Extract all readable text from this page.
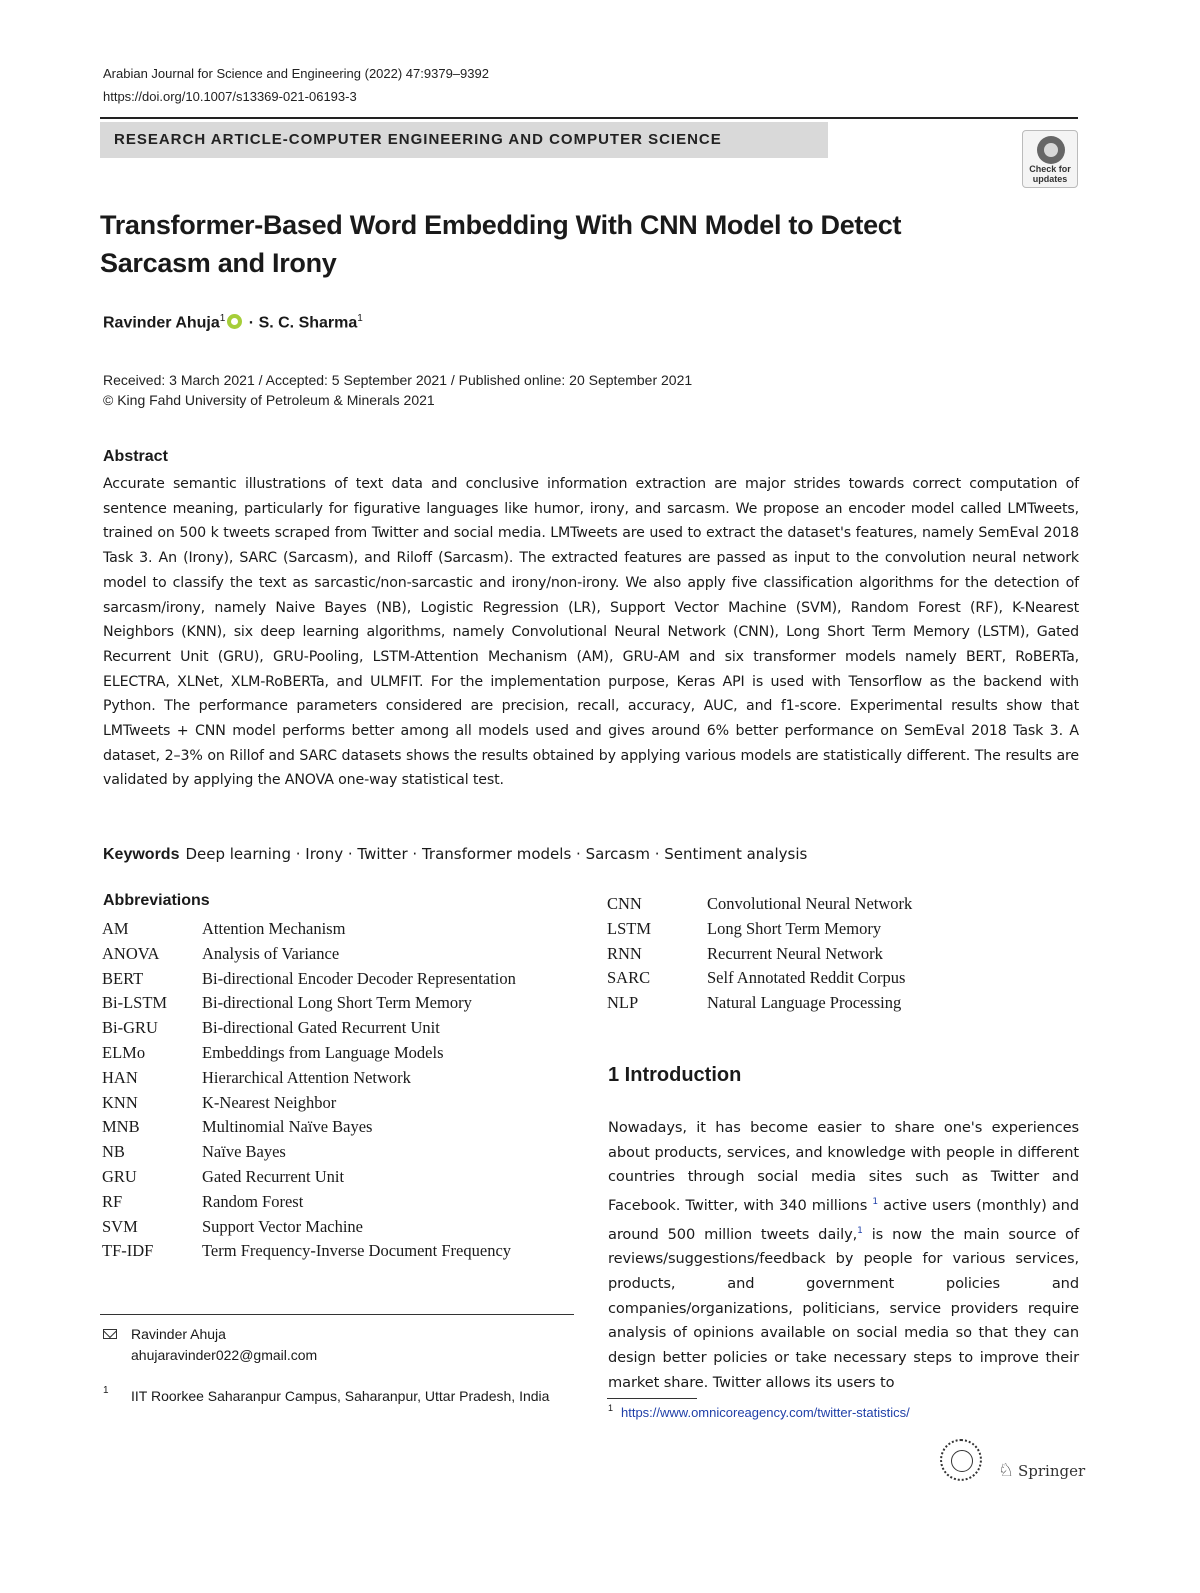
Arabian Journal for Science and Engineering (2022) 47:9379–9392
https://doi.org/10.1007/s13369-021-06193-3
RESEARCH ARTICLE-COMPUTER ENGINEERING AND COMPUTER SCIENCE
Check for updates
Transformer-Based Word Embedding With CNN Model to Detect Sarcasm and Irony
Ravinder Ahuja$^1$ · S. C. Sharma$^1$
Received: 3 March 2021 / Accepted: 5 September 2021 / Published online: 20 September 2021
© King Fahd University of Petroleum & Minerals 2021
Abstract

Accurate semantic illustrations of text data and conclusive information extraction are major strides towards correct computation of sentence meaning, particularly for figurative languages like humor, irony, and sarcasm. We propose an encoder model called LMTweets, trained on 500 k tweets scraped from Twitter and social media. LMTweets are used to extract the dataset's features, namely SemEval 2018 Task 3. An (Irony), SARC (Sarcasm), and Riloff (Sarcasm). The extracted features are passed as input to the convolution neural network model to classify the text as sarcastic/non-sarcastic and irony/non-irony. We also apply five classification algorithms for the detection of sarcasm/irony, namely Naive Bayes (NB), Logistic Regression (LR), Support Vector Machine (SVM), Random Forest (RF), K-Nearest Neighbors (KNN), six deep learning algorithms, namely Convolutional Neural Network (CNN), Long Short Term Memory (LSTM), Gated Recurrent Unit (GRU), GRU-Pooling, LSTM-Attention Mechanism (AM), GRU-AM and six transformer models namely BERT, RoBERTa, ELECTRA, XLNet, XLM-RoBERTa, and ULMFIT. For the implementation purpose, Keras API is used with Tensorflow as the backend with Python. The performance parameters considered are precision, recall, accuracy, AUC, and f1-score. Experimental results show that LMTweets + CNN model performs better among all models used and gives around 6% better performance on SemEval 2018 Task 3. A dataset, 2–3% on Rillof and SARC datasets shows the results obtained by applying various models are statistically different. The results are validated by applying the ANOVA one-way statistical test.

Keywords Deep learning · Irony · Twitter · Transformer models · Sarcasm · Sentiment analysis
Abbreviations
AM	Attention Mechanism
ANOVA	Analysis of Variance
BERT	Bi-directional Encoder Decoder Representation
Bi-LSTM	Bi-directional Long Short Term Memory
Bi-GRU	Bi-directional Gated Recurrent Unit
ELMo	Embeddings from Language Models
HAN	Hierarchical Attention Network
KNN	K-Nearest Neighbor
MNB	Multinomial Naïve Bayes
NB	Naïve Bayes
GRU	Gated Recurrent Unit
RF	Random Forest
SVM	Support Vector Machine
TF-IDF	Term Frequency-Inverse Document Frequency
CNN	Convolutional Neural Network
LSTM	Long Short Term Memory
RNN	Recurrent Neural Network
SARC	Self Annotated Reddit Corpus
NLP	Natural Language Processing
Ravinder Ahuja
ahujaravinder022@gmail.com
1 IIT Roorkee Saharanpur Campus, Saharanpur, Uttar Pradesh, India
1 Introduction

Nowadays, it has become easier to share one's experiences about products, services, and knowledge with people in different countries through social media sites such as Twitter and Facebook. Twitter, with 340 millions $^1$ active users (monthly) and around 500 million tweets daily,$^1$ is now the main source of reviews/suggestions/feedback by people for various services, products, and government policies and companies/organizations, politicians, service providers require analysis of opinions available on social media so that they can design better policies or take necessary steps to improve their market share. Twitter allows its users to

1 https://www.omnicoreagency.com/twitter-statistics/
♘ Springer
